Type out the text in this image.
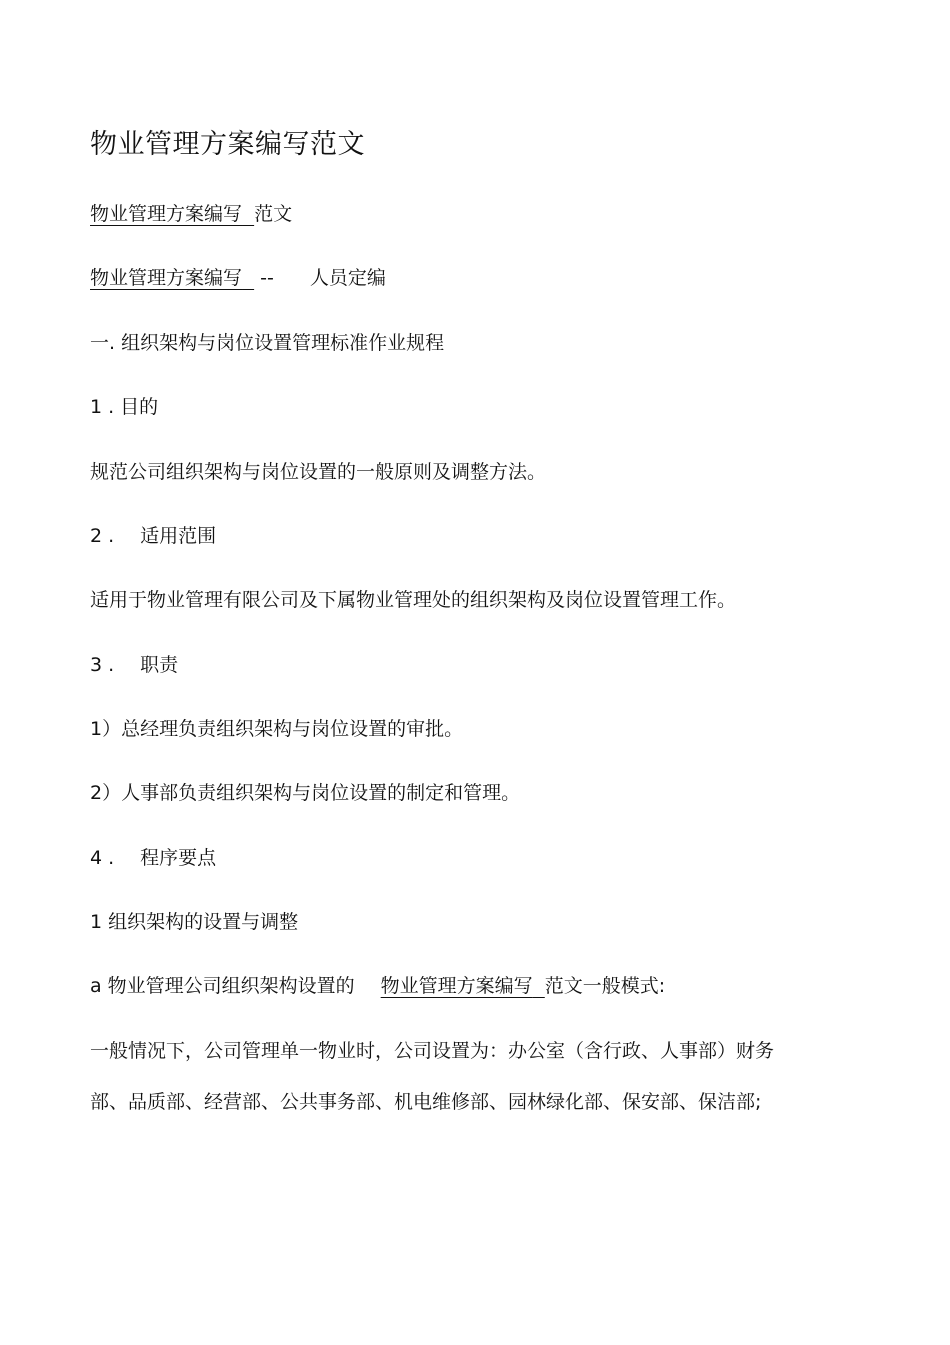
物业管理方案编写范文
物业管理方案编写 范文
物业管理方案编写 -- 人员定编
一. 组织架构与岗位设置管理标准作业规程
1 . 目的
规范公司组织架构与岗位设置的一般原则及调整方法。
2 . 适用范围
适用于物业管理有限公司及下属物业管理处的组织架构及岗位设置管理工作。
3 . 职责
1）总经理负责组织架构与岗位设置的审批。
2）人事部负责组织架构与岗位设置的制定和管理。
4 . 程序要点
1 组织架构的设置与调整
a 物业管理公司组织架构设置的 物业管理方案编写 范文一般模式:
一般情况下，公司管理单一物业时，公司设置为：办公室（含行政、人事部）财务
部、品质部、经营部、公共事务部、机电维修部、园林绿化部、保安部、保洁部;
